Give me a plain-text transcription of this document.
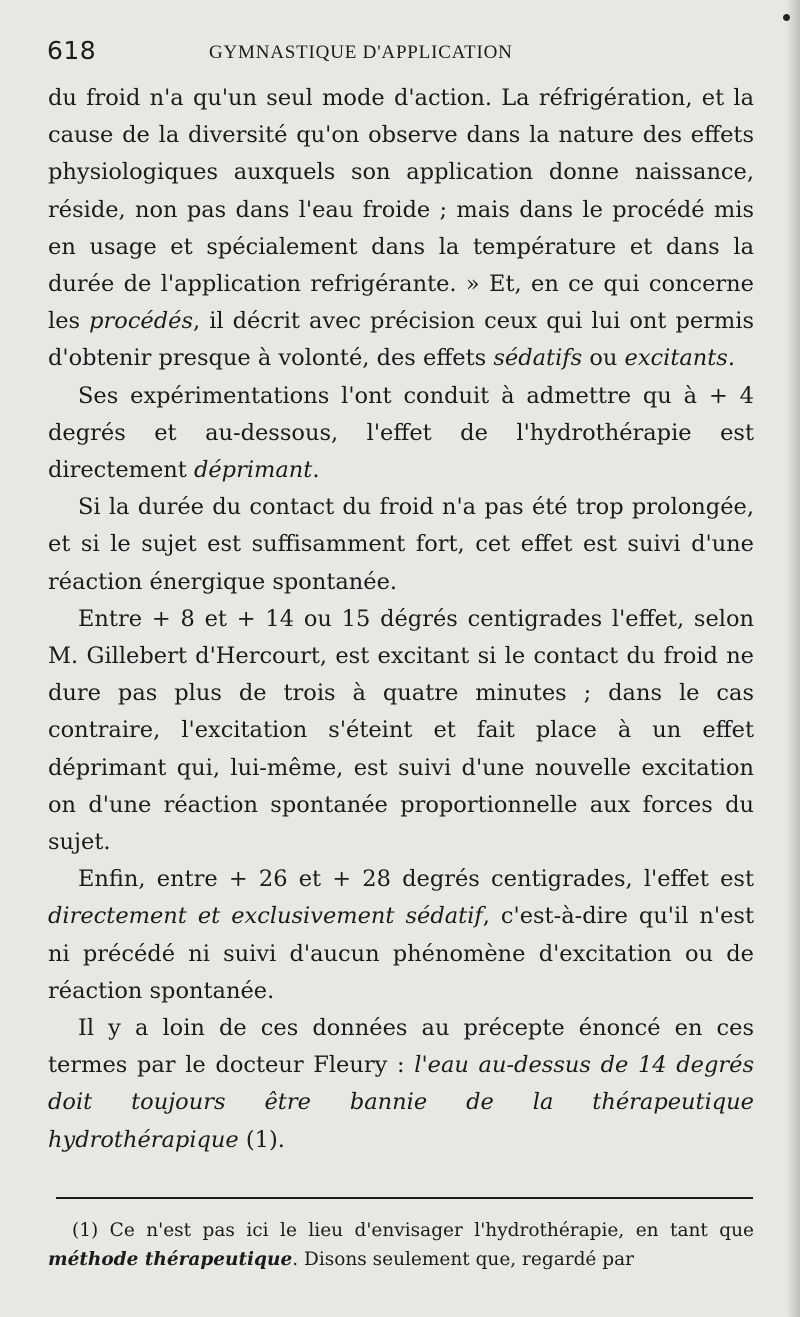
618	GYMNASTIQUE D'APPLICATION

du froid n'a qu'un seul mode d'action. La réfrigération, et la cause de la diversité qu'on observe dans la nature des effets physiologiques auxquels son application donne naissance, réside, non pas dans l'eau froide ; mais dans le procédé mis en usage et spécialement dans la température et dans la durée de l'application refrigérante. » Et, en ce qui concerne les procédés, il décrit avec précision ceux qui lui ont permis d'obtenir presque à volonté, des effets sédatifs ou excitants.

Ses expérimentations l'ont conduit à admettre qu à + 4 degrés et au-dessous, l'effet de l'hydrothérapie est directement déprimant.

Si la durée du contact du froid n'a pas été trop prolongée, et si le sujet est suffisamment fort, cet effet est suivi d'une réaction énergique spontanée.

Entre + 8 et + 14 ou 15 dégrés centigrades l'effet, selon M. Gillebert d'Hercourt, est excitant si le contact du froid ne dure pas plus de trois à quatre minutes ; dans le cas contraire, l'excitation s'éteint et fait place à un effet déprimant qui, lui-même, est suivi d'une nouvelle excitation on d'une réaction spontanée proportionnelle aux forces du sujet.

Enfin, entre + 26 et + 28 degrés centigrades, l'effet est directement et exclusivement sédatif, c'est-à-dire qu'il n'est ni précédé ni suivi d'aucun phénomène d'excitation ou de réaction spontanée.

Il y a loin de ces données au précepte énoncé en ces termes par le docteur Fleury : l'eau au-dessus de 14 degrés doit toujours être bannie de la thérapeutique hydrothérapique (1).

(1) Ce n'est pas ici le lieu d'envisager l'hydrothérapie, en tant que méthode thérapeutique. Disons seulement que, regardé par
